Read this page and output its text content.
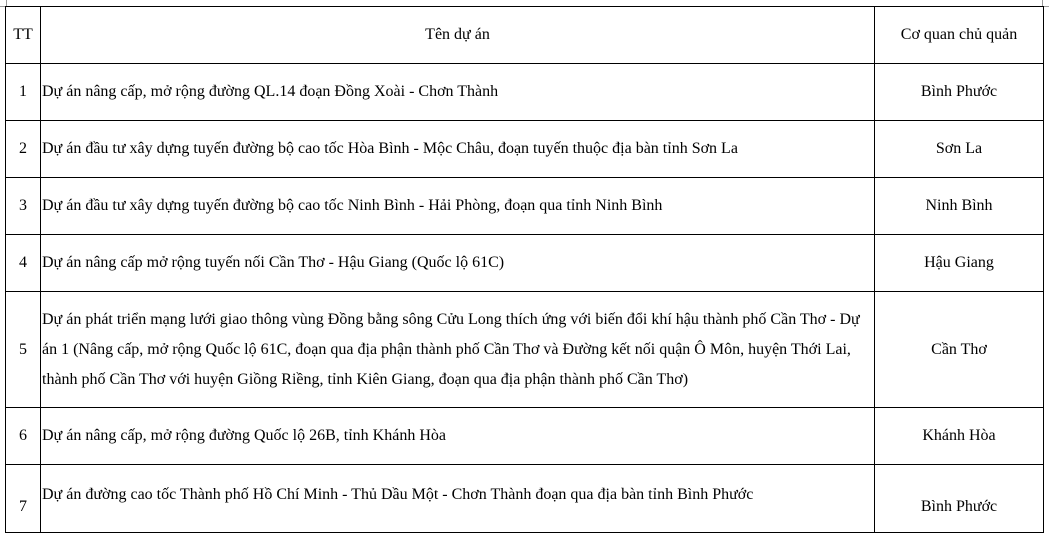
TT	Tên dự án	Cơ quan chủ quản
1	Dự án nâng cấp, mở rộng đường QL.14 đoạn Đồng Xoài - Chơn Thành	Bình Phước
2	Dự án đầu tư xây dựng tuyến đường bộ cao tốc Hòa Bình - Mộc Châu, đoạn tuyến thuộc địa bàn tỉnh Sơn La	Sơn La
3	Dự án đầu tư xây dựng tuyến đường bộ cao tốc Ninh Bình - Hải Phòng, đoạn qua tỉnh Ninh Bình	Ninh Bình
4	Dự án nâng cấp mở rộng tuyến nối Cần Thơ - Hậu Giang (Quốc lộ 61C)	Hậu Giang
5	Dự án phát triển mạng lưới giao thông vùng Đồng bằng sông Cửu Long thích ứng với biến đổi khí hậu thành phố Cần Thơ - Dự án 1 (Nâng cấp, mở rộng Quốc lộ 61C, đoạn qua địa phận thành phố Cần Thơ và Đường kết nối quận Ô Môn, huyện Thới Lai, thành phố Cần Thơ với huyện Giồng Riềng, tỉnh Kiên Giang, đoạn qua địa phận thành phố Cần Thơ)	Cần Thơ
6	Dự án nâng cấp, mở rộng đường Quốc lộ 26B, tỉnh Khánh Hòa	Khánh Hòa
7	Dự án đường cao tốc Thành phố Hồ Chí Minh - Thủ Dầu Một - Chơn Thành đoạn qua địa bàn tỉnh Bình Phước	Bình Phước
